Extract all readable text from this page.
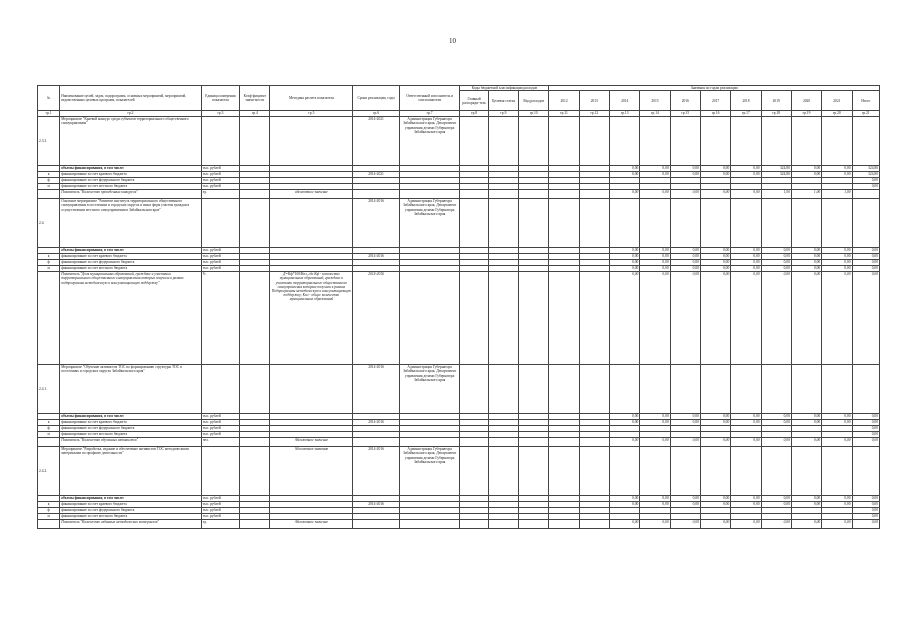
10
№	Наименование целей, задач, подпрограмм, основных мероприятий, мероприятий, ведомственных целевых программ, показателей	Единица измерения показателя	Коэф-фициент значи-мости	Методика расчета показателя	Сроки реализации, годы	Ответственный исполнитель и соисполнители	Коды бюджетной классификации расходов			Значения по годам реализации										
							Главный распоряди-тель	Целевая статья	Вид расходов	2012	2013	2014	2015	2016	2017	2018	2019	2020	2021	Итого
гр.1	гр.2	гр.3	гр.4	гр.5	гр.6	гр.7	гр.8	гр.9	гр.10	гр.11	гр.12	гр.13	гр.14	гр.15	гр.16	гр.17	гр.18	гр.19	гр.20	гр.21
2.3.3.	Мероприятие "Краевой конкурс среди субъектов территориального общественного самоуправления"				2014-2021	Администрация Губернатора Забайкальского края, Департамент управления делами Губернатора Забайкальского края														
	объемы финансирования, в том числе:	тыс. рублей										0,00	0,00	0,00	0,00	0,00	324,80	0,00	0,00	324,80
к	финансирование за счет краевого бюджета	тыс. рублей			2014-2021							0,00	0,00	0,00	0,00	0,00	324,80	0,00	0,00	324,80
ф	финансирование за счет федерального бюджета	тыс. рублей																		0,00
м	финансирование за счет местного бюджета	тыс. рублей																		0,00
	Показатель "Количество проведенных конкурсов"	ед.		абсолютное значение								0,00	0,00	0,00	0,00	0,00	1,00	1,00	1,00	
2.4.	Основное мероприятие "Развитие института территориального общественного самоуправления в поселениях и городских округах и иных форм участия граждан в осуществлении местного самоуправления в Забайкальском крае"				2014-2016	Администрация Губернатора Забайкальского края, Департамент управления делами Губернатора Забайкальского края														
	объемы финансирования, в том числе:	тыс. рублей										0,00	0,00	0,00	0,00	0,00	0,00	0,00	0,00	0,00
к	финансирование за счет краевого бюджета	тыс. рублей			2014-2016							0,00	0,00	0,00	0,00	0,00	0,00	0,00	0,00	0,00
ф	финансирование за счет федерального бюджета	тыс. рублей										0,00	0,00	0,00	0,00	0,00	0,00	0,00	0,00	0,00
м	финансирование за счет местного бюджета	тыс. рублей										0,00	0,00	0,00	0,00	0,00	0,00	0,00	0,00	0,00
	Показатель "Доля муниципальных образований, граждане и участники территориального общественного самоуправления которых получили в рамках подпрограммы методическую и консультационную поддержку"	%		Д=Кф*100/Кпл, где Кф - количество муниципальных образований, граждане и участники территориального общественного самоуправления которых получили в рамках Подпрограммы методическую и консультационную поддержку; Кпл - общее количество муниципальных образований	2014-2016							0,00	0,00	0,00	0,00	0,00	0,00	0,00	0,00	0,00
2.4.1.	Мероприятие "Обучение активистов ТОС по формированию структуры ТОС в поселениях и городских округах Забайкальского края"				2014-2016	Администрация Губернатора Забайкальского края, Департамент управления делами Губернатора Забайкальского края														
	объемы финансирования, в том числе:	тыс. рублей										0,00	0,00	0,00	0,00	0,00	0,00	0,00	0,00	0,00
к	финансирование за счет краевого бюджета	тыс. рублей			2014-2016							0,00	0,00	0,00	0,00	0,00	0,00	0,00	0,00	0,00
ф	финансирование за счет федерального бюджета	тыс. рублей																		0,00
м	финансирование за счет местного бюджета	тыс. рублей																		0,00
	Показатель "Количество обученных активистов"	чел.		Абсолютное значение								0,00	0,00	0,00	0,00	0,00	0,00	0,00	0,00	0,00
2.4.2.	Мероприятие "Разработка, издание и обеспечение активистов ТОС методическими материалами по профилю деятельности"			Абсолютное значение	2014-2016	Администрация Губернатора Забайкальского края, Департамент управления делами Губернатора Забайкальского края														
	объемы финансирования, в том числе:	тыс. рублей										0,00	0,00	0,00	0,00	0,00	0,00	0,00	0,00	0,00
к	финансирование за счет краевого бюджета	тыс. рублей			2014-2016							0,00	0,00	0,00	0,00	0,00	0,00	0,00	0,00	0,00
ф	финансирование за счет федерального бюджета	тыс. рублей																		0,00
м	финансирование за счет местного бюджета	тыс. рублей																		0,00
	Показатель "Количество изданных методических материалов"	ед.		Абсолютное значение								0,00	0,00	0,00	0,00	0,00	0,00	0,00	0,00	0,00
